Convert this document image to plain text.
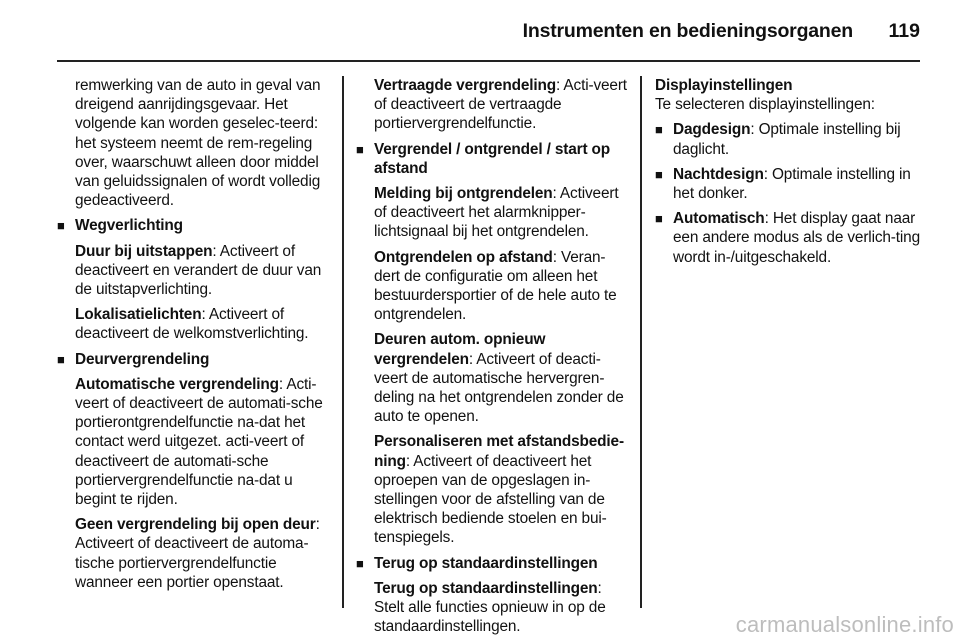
Instrumenten en bedieningsorganen 119
remwerking van de auto in geval van dreigend aanrijdingsgevaar. Het volgende kan worden geselec-teerd: het systeem neemt de rem-regeling over, waarschuwt alleen door middel van geluidssignalen of wordt volledig gedeactiveerd.
■ Wegverlichting
Duur bij uitstappen: Activeert of deactiveert en verandert de duur van de uitstapverlichting.
Lokalisatielichten: Activeert of deactiveert de welkomstverlichting.
■ Deurvergrendeling
Automatische vergrendeling: Acti-veert of deactiveert de automati-sche portierontgrendelfunctie na-dat het contact werd uitgezet. acti-veert of deactiveert de automati-sche portiervergrendelfunctie na-dat u begint te rijden.
Geen vergrendeling bij open deur: Activeert of deactiveert de automa-tische portiervergrendelfunctie wanneer een portier openstaat.
Vertraagde vergrendeling: Acti-veert of deactiveert de vertraagde portiervergrendelfunctie.
■ Vergrendel / ontgrendel / start op afstand
Melding bij ontgrendelen: Activeert of deactiveert het alarmknipper-lichtsignaal bij het ontgrendelen.
Ontgrendelen op afstand: Veran-dert de configuratie om alleen het bestuurdersportier of de hele auto te ontgrendelen.
Deuren autom. opnieuw vergrendelen: Activeert of deacti-veert de automatische hervergren-deling na het ontgrendelen zonder de auto te openen.
Personaliseren met afstandsbedie-ning: Activeert of deactiveert het oproepen van de opgeslagen in-stellingen voor de afstelling van de elektrisch bediende stoelen en bui-tenspiegels.
■ Terug op standaardinstellingen
Terug op standaardinstellingen: Stelt alle functies opnieuw in op de standaardinstellingen.
Displayinstellingen
Te selecteren displayinstellingen:
■ Dagdesign: Optimale instelling bij daglicht.
■ Nachtdesign: Optimale instelling in het donker.
■ Automatisch: Het display gaat naar een andere modus als de verlich-ting wordt in-/uitgeschakeld.
carmanualsonline.info
